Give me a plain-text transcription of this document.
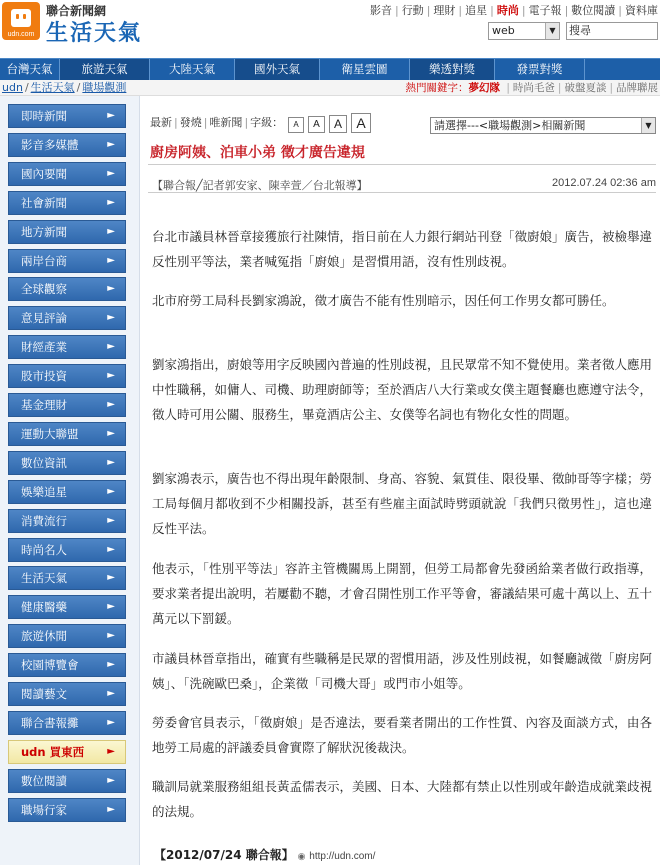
udn.com
聯合新聞網
生活天氣
影音 | 行動 | 理財 | 追星 | 時尚 | 電子報 | 數位閱讀 | 資料庫
web	▼	搜尋
台灣天氣	旅遊天氣	大陸天氣	國外天氣	衛星雲圖	樂透對獎	發票對獎
udn / 生活天氣 / 職場觀測	熱門關鍵字：夢幻隊 | 時尚毛爸 | 破盤夏談 | 品牌聯展
即時新聞	►
影音多媒體	►
國內要聞	►
社會新聞	►
地方新聞	►
兩岸台商	►
全球觀察	►
意見評論	►
財經產業	►
股市投資	►
基金理財	►
運動大聯盟	►
數位資訊	►
娛樂追星	►
消費流行	►
時尚名人	►
生活天氣	►
健康醫藥	►
旅遊休閒	►
校園博覽會	►
閱讀藝文	►
聯合書報攤	►
udn 買東西 ►
數位閱讀	►
職場行家	►
最新 | 發燒 | 唯新聞 | 字級：	A	A	A	A	請選擇---<職場觀測>相關新聞	▼
廚房阿姨、泊車小弟 徵才廣告違規
【聯合報╱記者郭安家、陳幸萱／台北報導】	2012.07.24 02:36 am
台北市議員林晉章接獲旅行社陳情，指日前在人力銀行網站刊登「徵廚娘」廣告，被檢舉違反性別平等法，業者喊冤指「廚娘」是習慣用語，沒有性別歧視。
北市府勞工局科長劉家鴻說，徵才廣告不能有性別暗示，因任何工作男女都可勝任。
劉家鴻指出，廚娘等用字反映國內普遍的性別歧視，且民眾常不知不覺使用。業者徵人應用中性職稱，如傭人、司機、助理廚師等；至於酒店八大行業或女僕主題餐廳也應遵守法令，徵人時可用公關、服務生，畢竟酒店公主、女僕等名詞也有物化女性的問題。
劉家鴻表示，廣告也不得出現年齡限制、身高、容貌、氣質佳、限役畢、徵帥哥等字樣；勞工局每個月都收到不少相關投訴，甚至有些雇主面試時劈頭就說「我們只徵男性」，這也違反性平法。
他表示，「性別平等法」容許主管機關馬上開罰，但勞工局都會先發函給業者做行政指導，要求業者提出說明，若屢勸不聽，才會召開性別工作平等會，審議結果可處十萬以上、五十萬元以下罰鍰。
市議員林晉章指出，確實有些職稱是民眾的習慣用語，涉及性別歧視，如餐廳誠徵「廚房阿姨」、「洗碗歐巴桑」，企業徵「司機大哥」或門市小姐等。
勞委會官員表示，「徵廚娘」是否違法，要看業者開出的工作性質、內容及面談方式，由各地勞工局處的評議委員會實際了解狀況後裁決。
職訓局就業服務組組長黃孟儒表示，美國、日本、大陸都有禁止以性別或年齡造成就業歧視的法規。
【2012/07/24 聯合報】 ◉ http://udn.com/
